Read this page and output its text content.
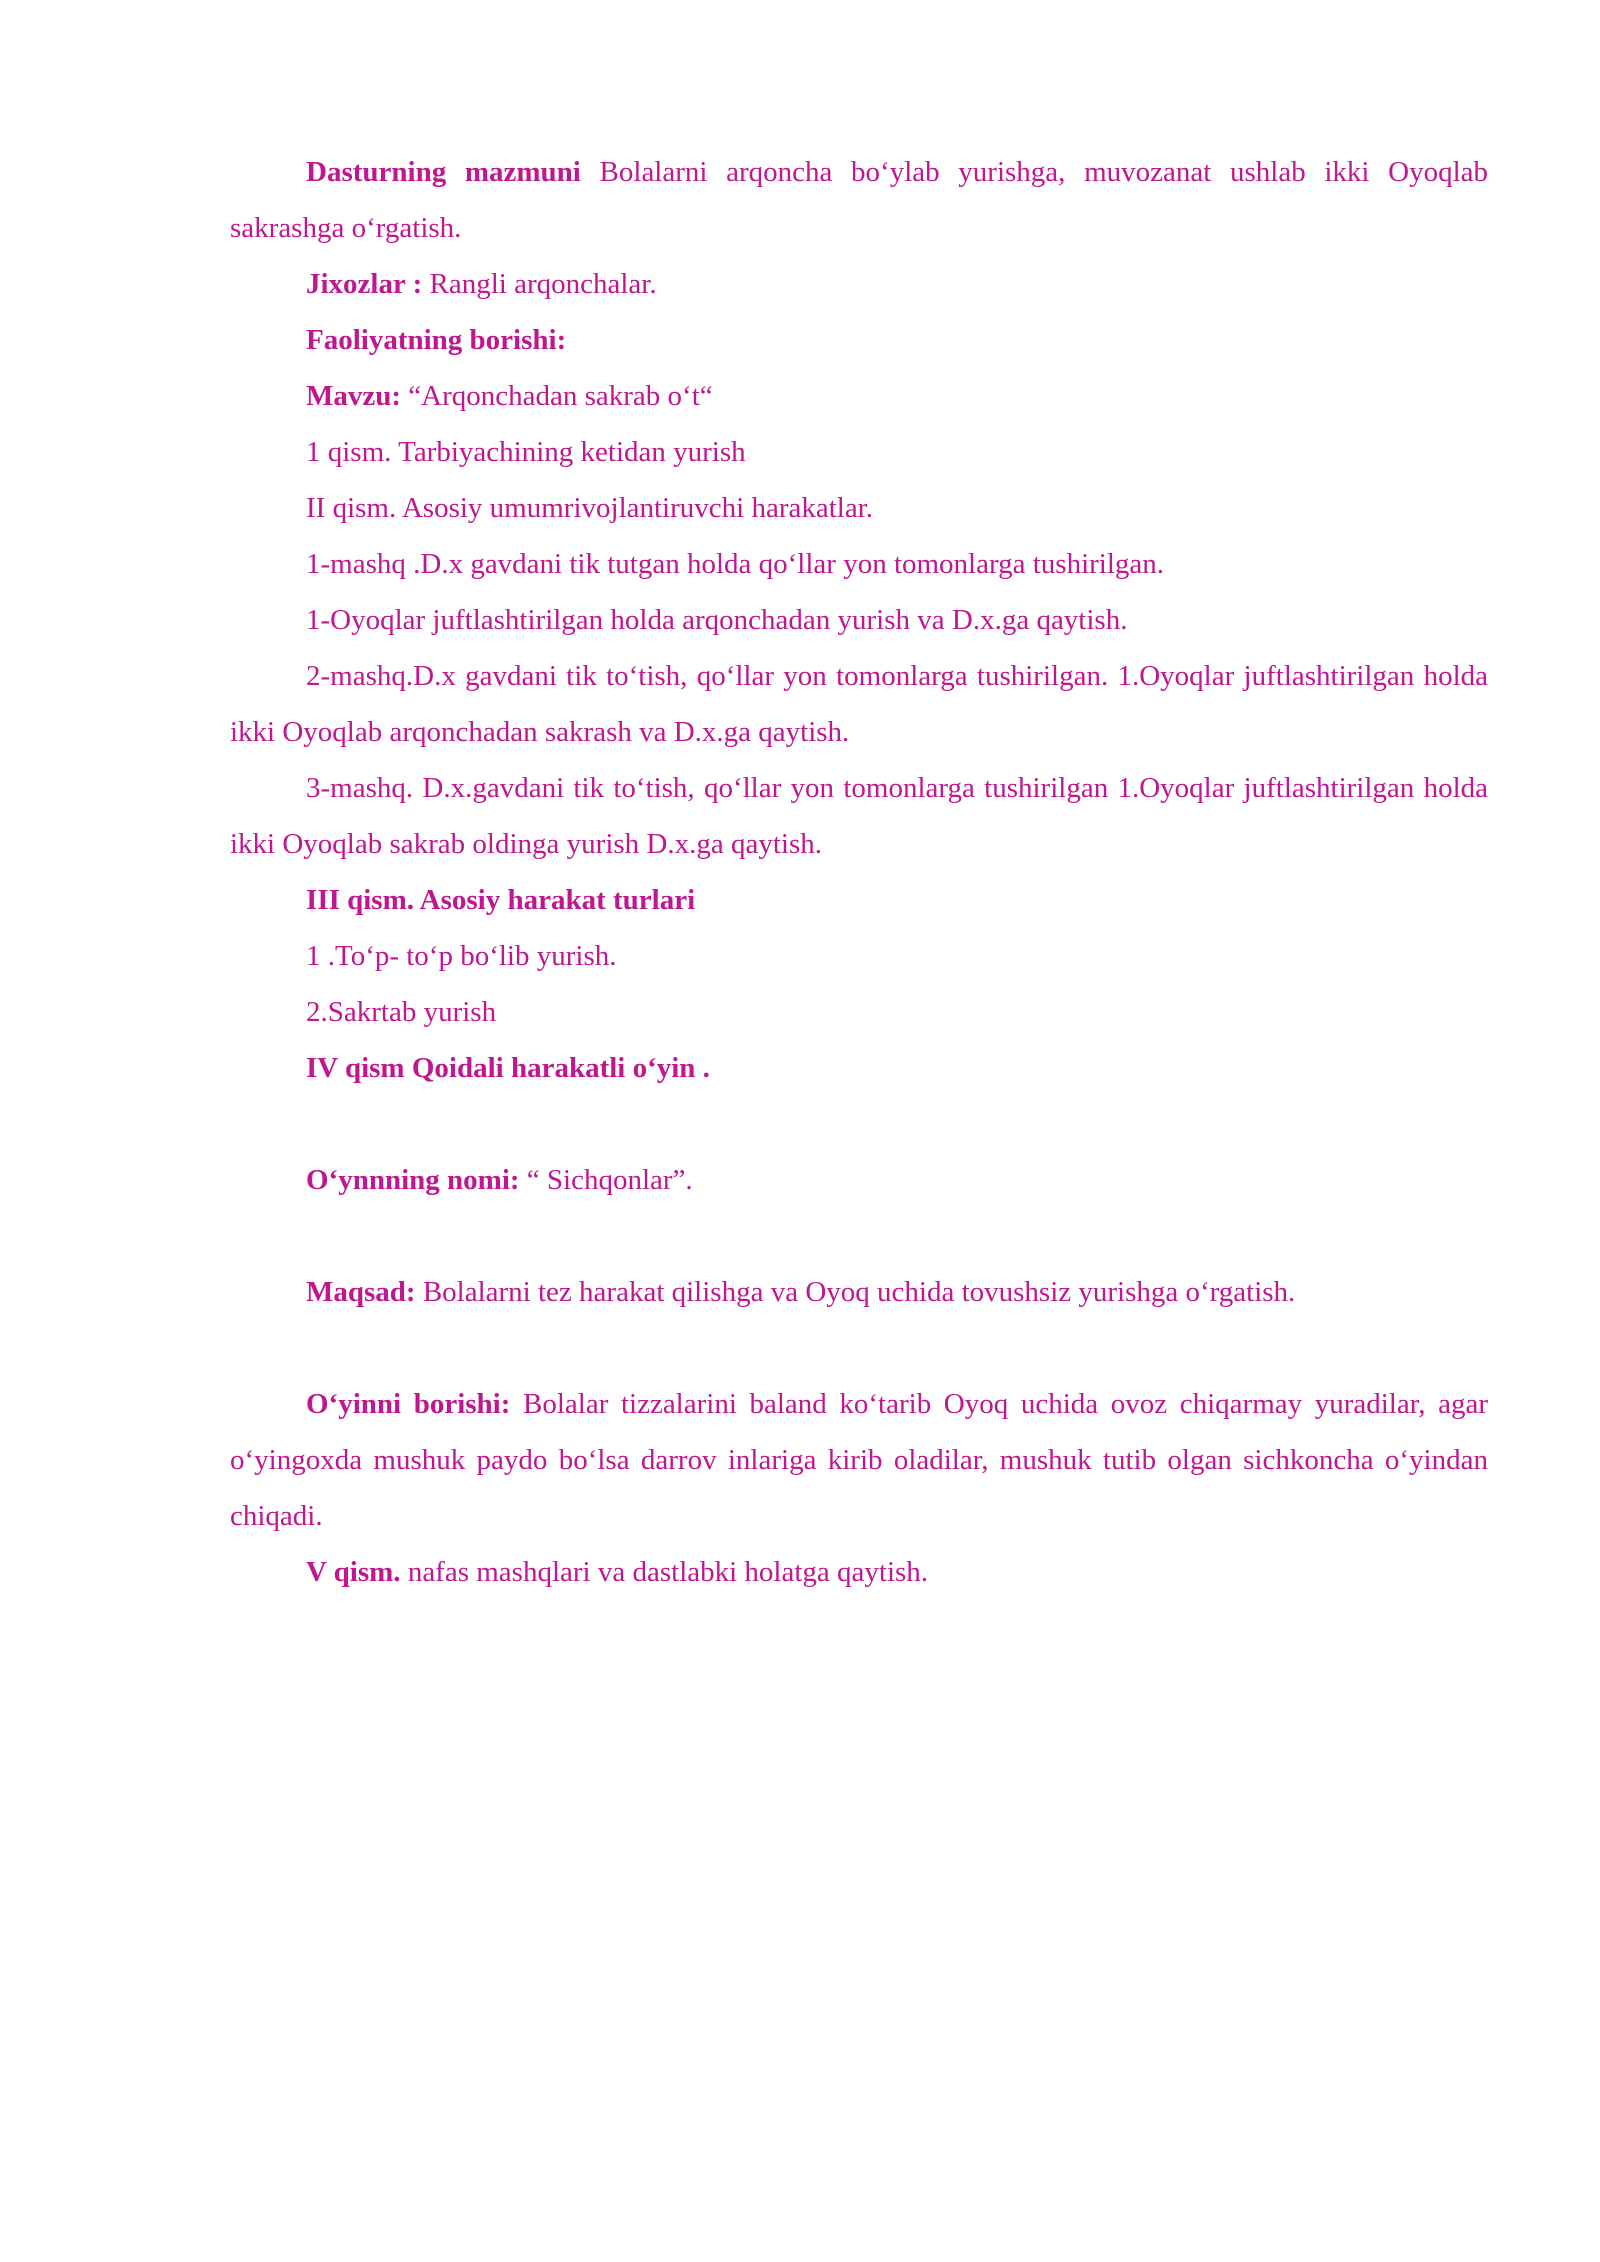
Dasturning mazmuni Bolalarni arqoncha bo‘ylab yurishga, muvozanat ushlab ikki Oyoqlab sakrashga o‘rgatish.

Jixozlar : Rangli arqonchalar.

Faoliyatning borishi:

Mavzu: “Arqonchadan sakrab o‘t“

1 qism. Tarbiyachining ketidan yurish

II qism. Asosiy umumrivojlantiruvchi harakatlar.

1-mashq .D.x gavdani tik tutgan holda qo‘llar yon tomonlarga tushirilgan.

1-Oyoqlar juftlashtirilgan holda arqonchadan yurish va D.x.ga qaytish.

2-mashq.D.x gavdani tik to‘tish, qo‘llar yon tomonlarga tushirilgan. 1.Oyoqlar juftlashtirilgan holda ikki Oyoqlab arqonchadan sakrash va D.x.ga qaytish.

3-mashq. D.x.gavdani tik to‘tish, qo‘llar yon tomonlarga tushirilgan 1.Oyoqlar juftlashtirilgan holda ikki Oyoqlab sakrab oldinga yurish D.x.ga qaytish.

III qism. Asosiy harakat turlari

1 .To‘p- to‘p bo‘lib yurish.

2.Sakrtab yurish

IV qism Qoidali harakatli o‘yin .

O‘ynnning nomi: “ Sichqonlar”.

Maqsad: Bolalarni tez harakat qilishga va Oyoq uchida tovushsiz yurishga o‘rgatish.

O‘yinni borishi: Bolalar tizzalarini baland ko‘tarib Oyoq uchida ovoz chiqarmay yuradilar, agar o‘yingoxda mushuk paydo bo‘lsa darrov inlariga kirib oladilar, mushuk tutib olgan sichkoncha o‘yindan chiqadi.

V qism. nafas mashqlari va dastlabki holatga qaytish.
